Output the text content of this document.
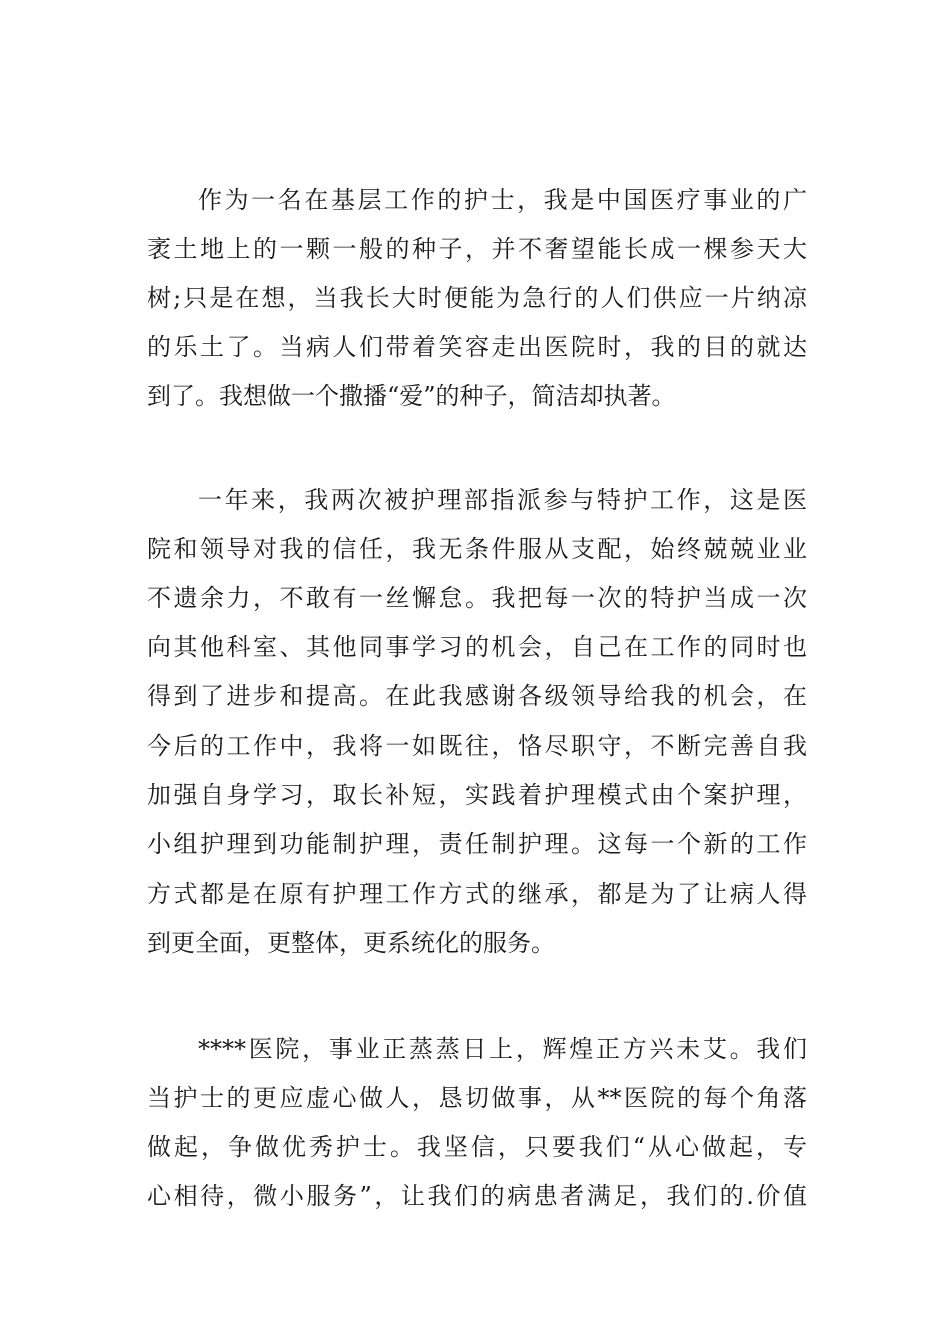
作为一名在基层工作的护士，我是中国医疗事业的广
袤土地上的一颗一般的种子，并不奢望能长成一棵参天大
树;只是在想，当我长大时便能为急行的人们供应一片纳凉
的乐土了。当病人们带着笑容走出医院时，我的目的就达
到了。我想做一个撒播“爱”的种子，简洁却执著。
一年来，我两次被护理部指派参与特护工作，这是医
院和领导对我的信任，我无条件服从支配，始终兢兢业业
不遗余力，不敢有一丝懈怠。我把每一次的特护当成一次
向其他科室、其他同事学习的机会，自己在工作的同时也
得到了进步和提高。在此我感谢各级领导给我的机会，在
今后的工作中，我将一如既往，恪尽职守，不断完善自我
加强自身学习，取长补短，实践着护理模式由个案护理，
小组护理到功能制护理，责任制护理。这每一个新的工作
方式都是在原有护理工作方式的继承，都是为了让病人得
到更全面，更整体，更系统化的服务。
****医院，事业正蒸蒸日上，辉煌正方兴未艾。我们
当护士的更应虚心做人，恳切做事，从**医院的每个角落
做起，争做优秀护士。我坚信，只要我们“从心做起，专
心相待，微小服务”，让我们的病患者满足，我们的.价值
